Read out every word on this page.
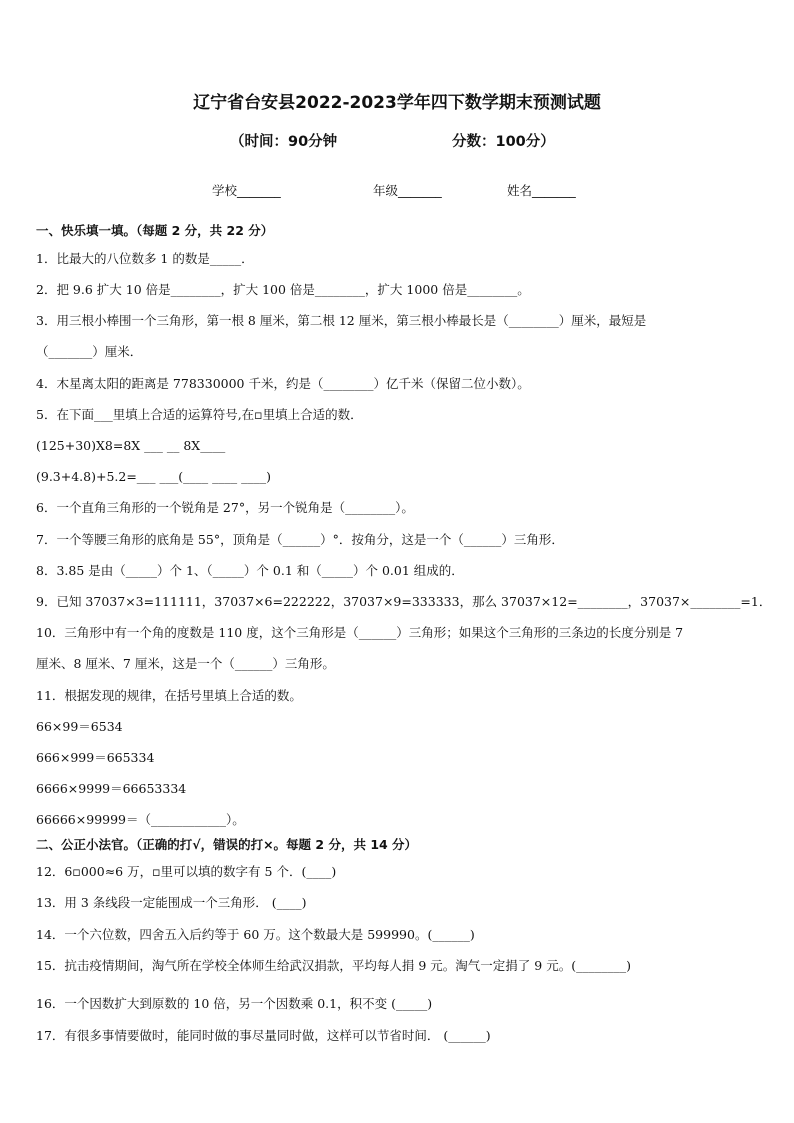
辽宁省台安县2022-2023学年四下数学期末预测试题
（时间：90分钟	分数：100分）
学校_______	年级_______	姓名_______
一、快乐填一填。（每题 2 分，共 22 分）
1．比最大的八位数多 1 的数是_____．
2．把 9.6 扩大 10 倍是________，扩大 100 倍是________，扩大 1000 倍是________。
3．用三根小棒围一个三角形，第一根 8 厘米，第二根 12 厘米，第三根小棒最长是（________）厘米，最短是
（_______）厘米．
4．木星离太阳的距离是 778330000 千米，约是（________）亿千米（保留二位小数）。
5．在下面___里填上合适的运算符号,在▫里填上合适的数．
(125+30)X8=8X ___ __ 8X____
(9.3+4.8)+5.2=___ ___(____ ____ ____)
6．一个直角三角形的一个锐角是 27°，另一个锐角是（________）。
7．一个等腰三角形的底角是 55°，顶角是（______）°．按角分，这是一个（______）三角形．
8．3.85 是由（_____）个 1、（_____）个 0.1 和（_____）个 0.01 组成的．
9．已知 37037×3=111111，37037×6=222222，37037×9=333333，那么 37037×12=________，37037×________=1．
10．三角形中有一个角的度数是 110 度，这个三角形是（______）三角形；如果这个三角形的三条边的长度分别是 7
厘米、8 厘米、7 厘米，这是一个（______）三角形。
11．根据发现的规律，在括号里填上合适的数。
66×99＝6534
666×999＝665334
6666×9999＝66653334
66666×99999＝（____________）。
二、公正小法官。（正确的打√，错误的打×。每题 2 分，共 14 分）
12．6▫000≈6 万，▫里可以填的数字有 5 个．(____)
13．用 3 条线段一定能围成一个三角形． (____)
14．一个六位数，四舍五入后约等于 60 万。这个数最大是 599990。(______)
15．抗击疫情期间，淘气所在学校全体师生给武汉捐款，平均每人捐 9 元。淘气一定捐了 9 元。(________)
16．一个因数扩大到原数的 10 倍，另一个因数乘 0.1，积不变 (_____)
17．有很多事情要做时，能同时做的事尽量同时做，这样可以节省时间． (______)
